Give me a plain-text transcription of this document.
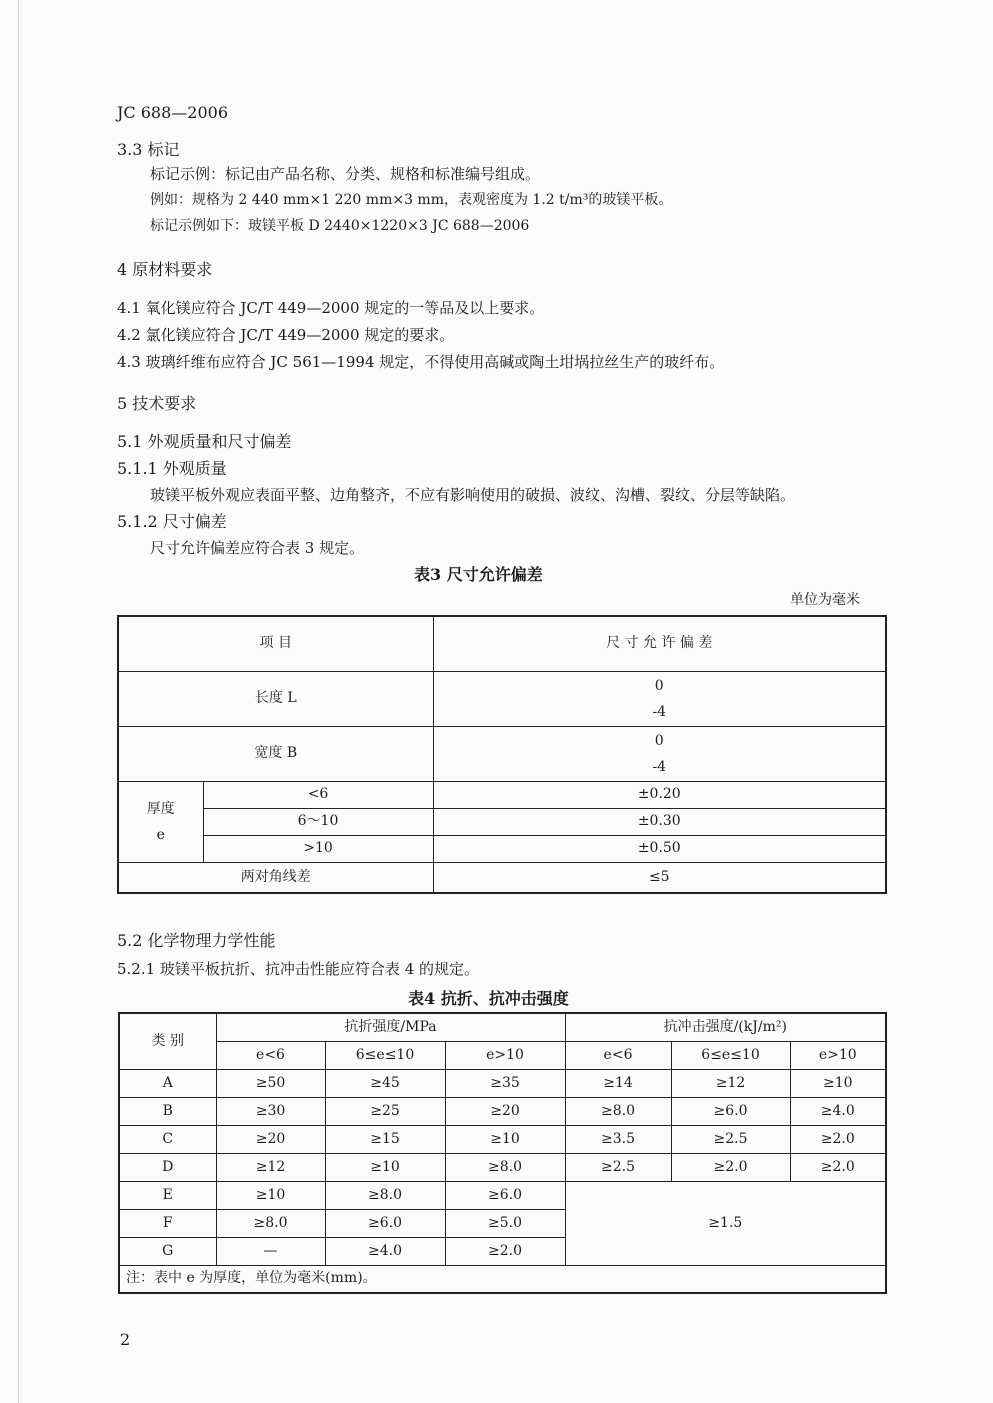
JC 688—2006
3.3 标记
标记示例：标记由产品名称、分类、规格和标准编号组成。
例如：规格为 2 440 mm×1 220 mm×3 mm，表观密度为 1.2 t/m³的玻镁平板。
标记示例如下：玻镁平板 D 2440×1220×3 JC 688—2006
4 原材料要求
4.1 氧化镁应符合 JC/T 449—2000 规定的一等品及以上要求。
4.2 氯化镁应符合 JC/T 449—2000 规定的要求。
4.3 玻璃纤维布应符合 JC 561—1994 规定，不得使用高碱或陶土坩埚拉丝生产的玻纤布。
5 技术要求
5.1 外观质量和尺寸偏差
5.1.1 外观质量
玻镁平板外观应表面平整、边角整齐，不应有影响使用的破损、波纹、沟槽、裂纹、分层等缺陷。
5.1.2 尺寸偏差
尺寸允许偏差应符合表 3 规定。
表3 尺寸允许偏差
单位为毫米
项 目		尺 寸 允 许 偏 差
长度 L		0
-4

宽度 B		0
-4

厚度
e	<6	±0.20
	6～10	±0.30
	>10	±0.50
两对角线差		≤5
5.2 化学物理力学性能
5.2.1 玻镁平板抗折、抗冲击性能应符合表 4 的规定。
表4 抗折、抗冲击强度
类 别	抗折强度/MPa			抗冲击强度/(kJ/m²)		
	e<6	6≤e≤10	e>10	e<6	6≤e≤10	e>10
A	≥50	≥45	≥35	≥14	≥12	≥10
B	≥30	≥25	≥20	≥8.0	≥6.0	≥4.0
C	≥20	≥15	≥10	≥3.5	≥2.5	≥2.0
D	≥12	≥10	≥8.0	≥2.5	≥2.0	≥2.0
E	≥10	≥8.0	≥6.0	≥1.5		
F	≥8.0	≥6.0	≥5.0			
G	—	≥4.0	≥2.0			
注：表中 e 为厚度，单位为毫米(mm)。						
2
